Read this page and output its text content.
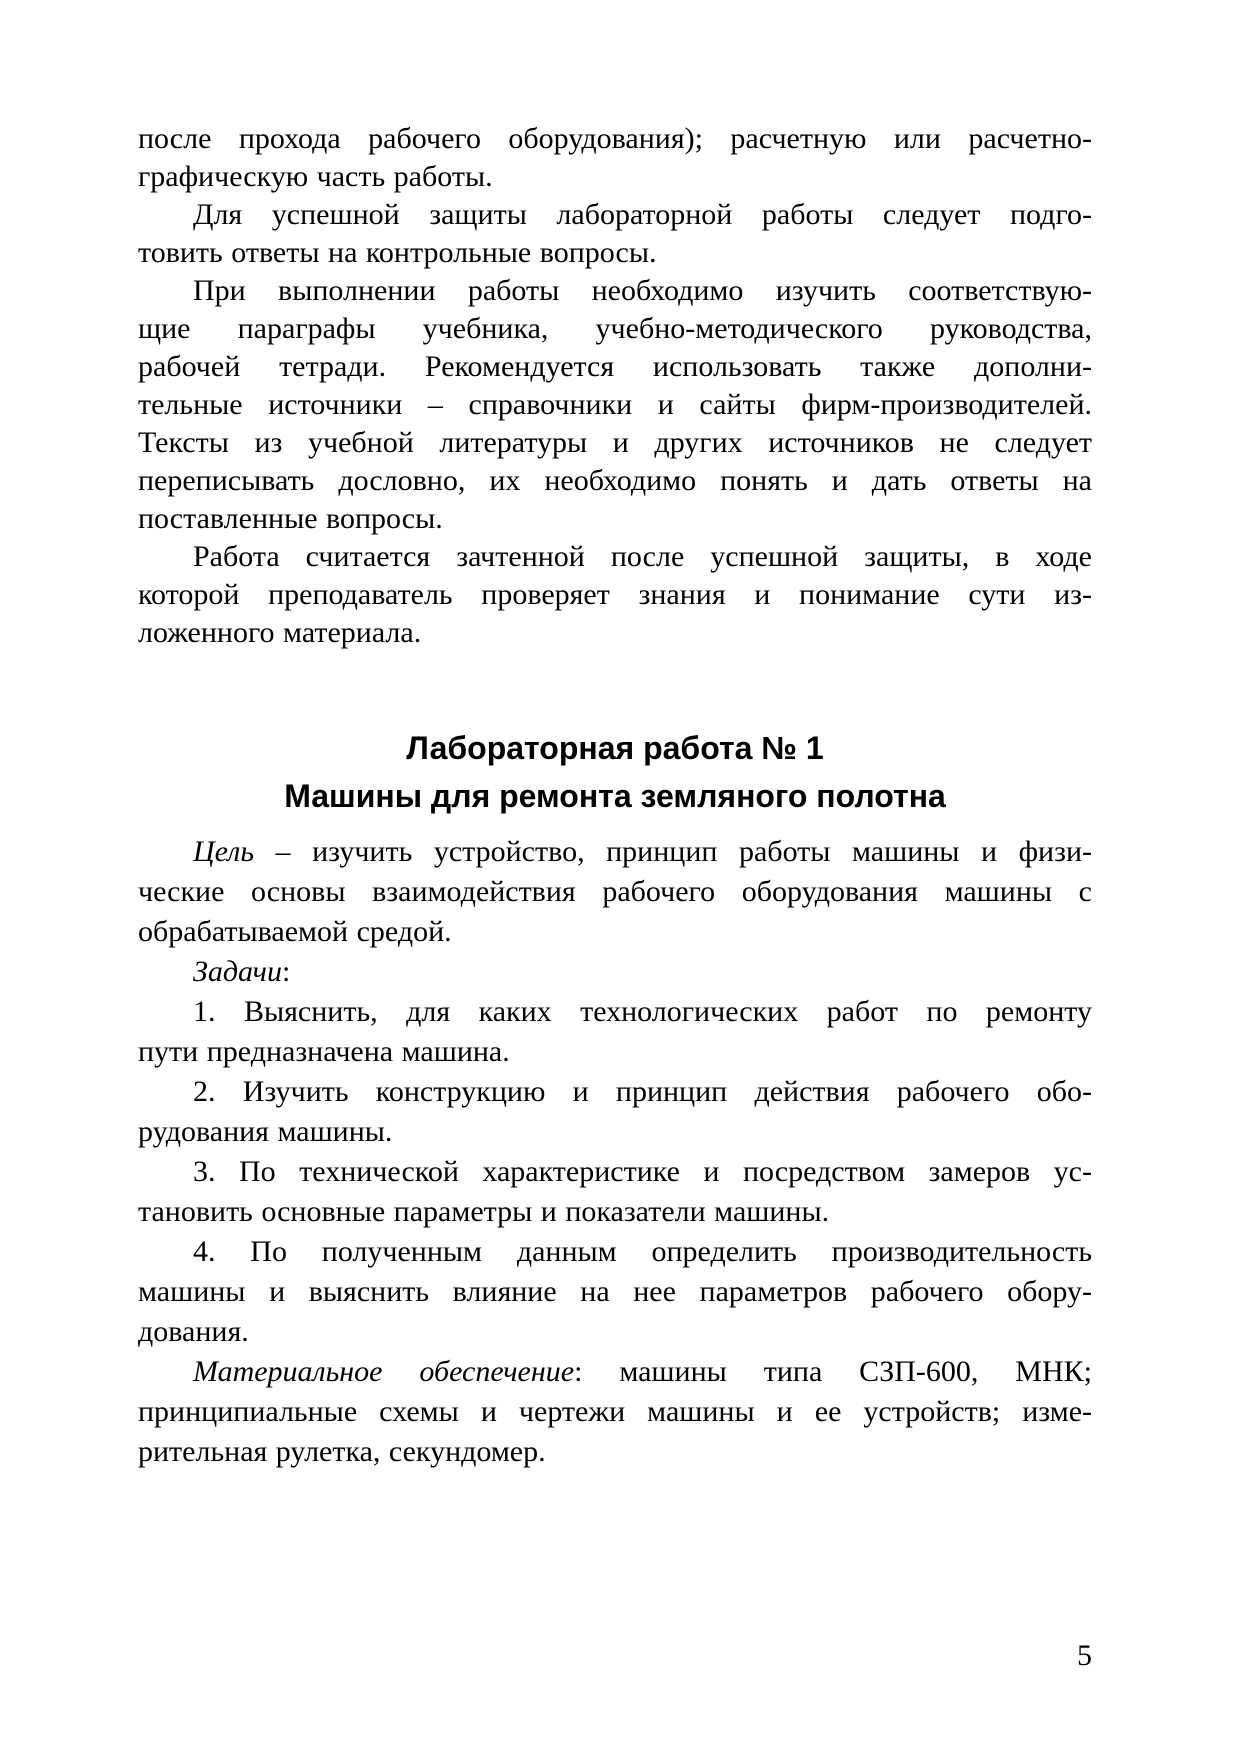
после прохода рабочего оборудования); расчетную или расчетно-
графическую часть работы.
Для успешной защиты лабораторной работы следует подго-
товить ответы на контрольные вопросы.
При выполнении работы необходимо изучить соответствую-
щие параграфы учебника, учебно-методического руководства,
рабочей тетради. Рекомендуется использовать также дополни-
тельные источники – справочники и сайты фирм-производителей.
Тексты из учебной литературы и других источников не следует
переписывать дословно, их необходимо понять и дать ответы на
поставленные вопросы.
Работа считается зачтенной после успешной защиты, в ходе
которой преподаватель проверяет знания и понимание сути из-
ложенного материала.
Лабораторная работа № 1
Машины для ремонта земляного полотна
Цель – изучить устройство, принцип работы машины и физи-
ческие основы взаимодействия рабочего оборудования машины с
обрабатываемой средой.
Задачи:
1. Выяснить, для каких технологических работ по ремонту
пути предназначена машина.
2. Изучить конструкцию и принцип действия рабочего обо-
рудования машины.
3. По технической характеристике и посредством замеров ус-
тановить основные параметры и показатели машины.
4. По полученным данным определить производительность
машины и выяснить влияние на нее параметров рабочего обору-
дования.
Материальное обеспечение: машины типа СЗП-600, МНК;
принципиальные схемы и чертежи машины и ее устройств; изме-
рительная рулетка, секундомер.
5
